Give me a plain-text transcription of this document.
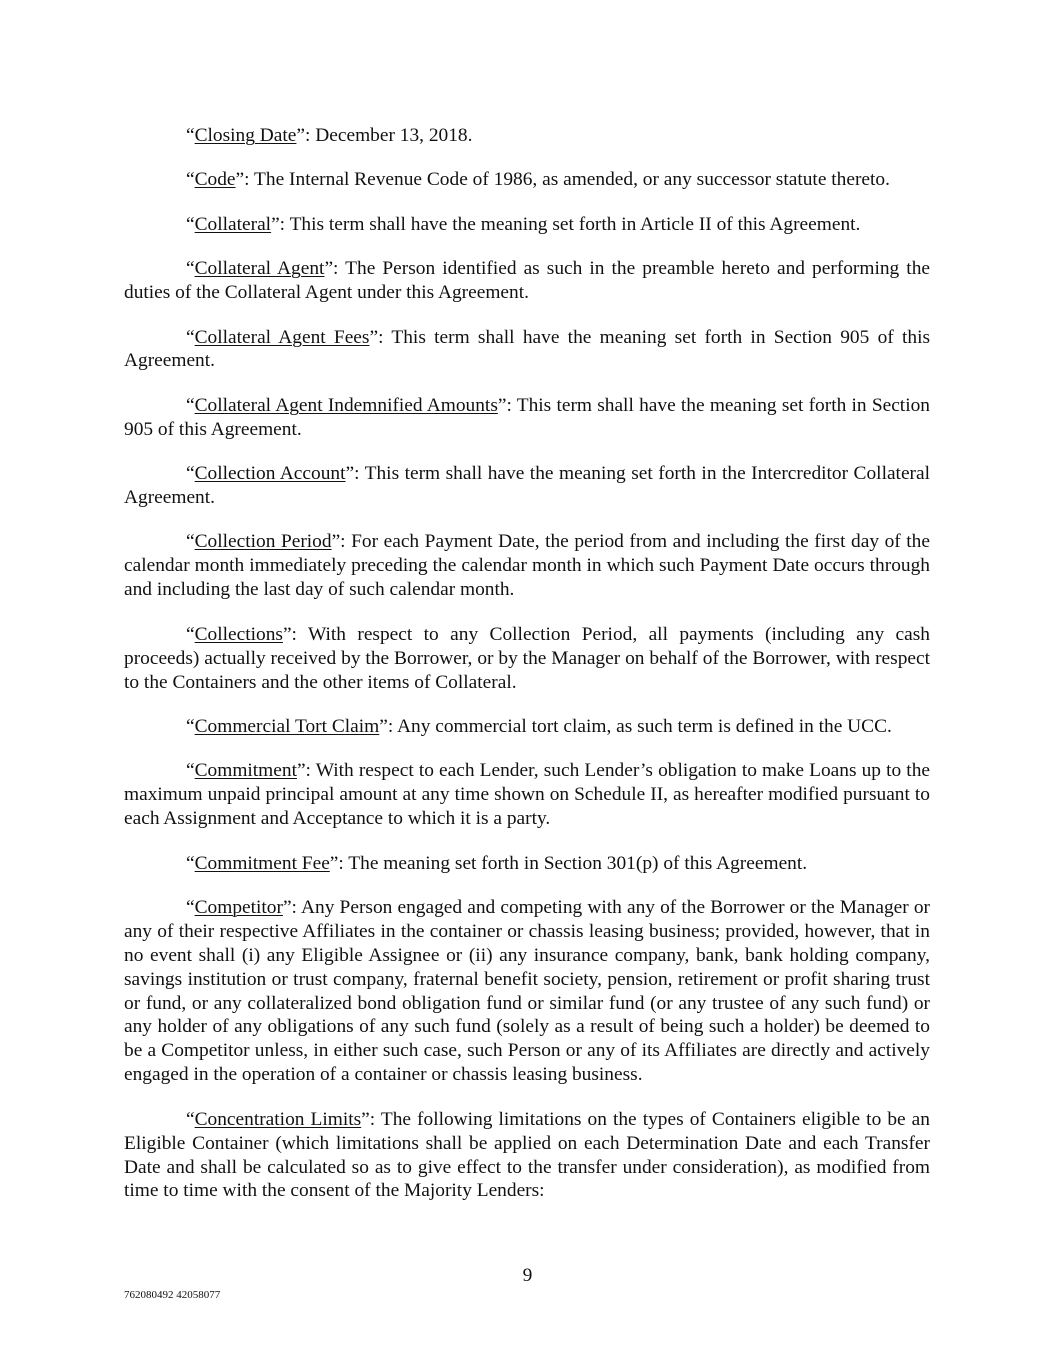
“Closing Date”: December 13, 2018.

“Code”: The Internal Revenue Code of 1986, as amended, or any successor statute thereto.

“Collateral”: This term shall have the meaning set forth in Article II of this Agreement.

“Collateral Agent”: The Person identified as such in the preamble hereto and performing the duties of the Collateral Agent under this Agreement.

“Collateral Agent Fees”: This term shall have the meaning set forth in Section 905 of this Agreement.

“Collateral Agent Indemnified Amounts”: This term shall have the meaning set forth in Section 905 of this Agreement.

“Collection Account”: This term shall have the meaning set forth in the Intercreditor Collateral Agreement.

“Collection Period”: For each Payment Date, the period from and including the first day of the calendar month immediately preceding the calendar month in which such Payment Date occurs through and including the last day of such calendar month.

“Collections”: With respect to any Collection Period, all payments (including any cash proceeds) actually received by the Borrower, or by the Manager on behalf of the Borrower, with respect to the Containers and the other items of Collateral.

“Commercial Tort Claim”: Any commercial tort claim, as such term is defined in the UCC.

“Commitment”: With respect to each Lender, such Lender’s obligation to make Loans up to the maximum unpaid principal amount at any time shown on Schedule II, as hereafter modified pursuant to each Assignment and Acceptance to which it is a party.

“Commitment Fee”: The meaning set forth in Section 301(p) of this Agreement.

“Competitor”: Any Person engaged and competing with any of the Borrower or the Manager or any of their respective Affiliates in the container or chassis leasing business; provided, however, that in no event shall (i) any Eligible Assignee or (ii) any insurance company, bank, bank holding company, savings institution or trust company, fraternal benefit society, pension, retirement or profit sharing trust or fund, or any collateralized bond obligation fund or similar fund (or any trustee of any such fund) or any holder of any obligations of any such fund (solely as a result of being such a holder) be deemed to be a Competitor unless, in either such case, such Person or any of its Affiliates are directly and actively engaged in the operation of a container or chassis leasing business.

“Concentration Limits”: The following limitations on the types of Containers eligible to be an Eligible Container (which limitations shall be applied on each Determination Date and each Transfer Date and shall be calculated so as to give effect to the transfer under consideration), as modified from time to time with the consent of the Majority Lenders:

9
762080492 42058077
